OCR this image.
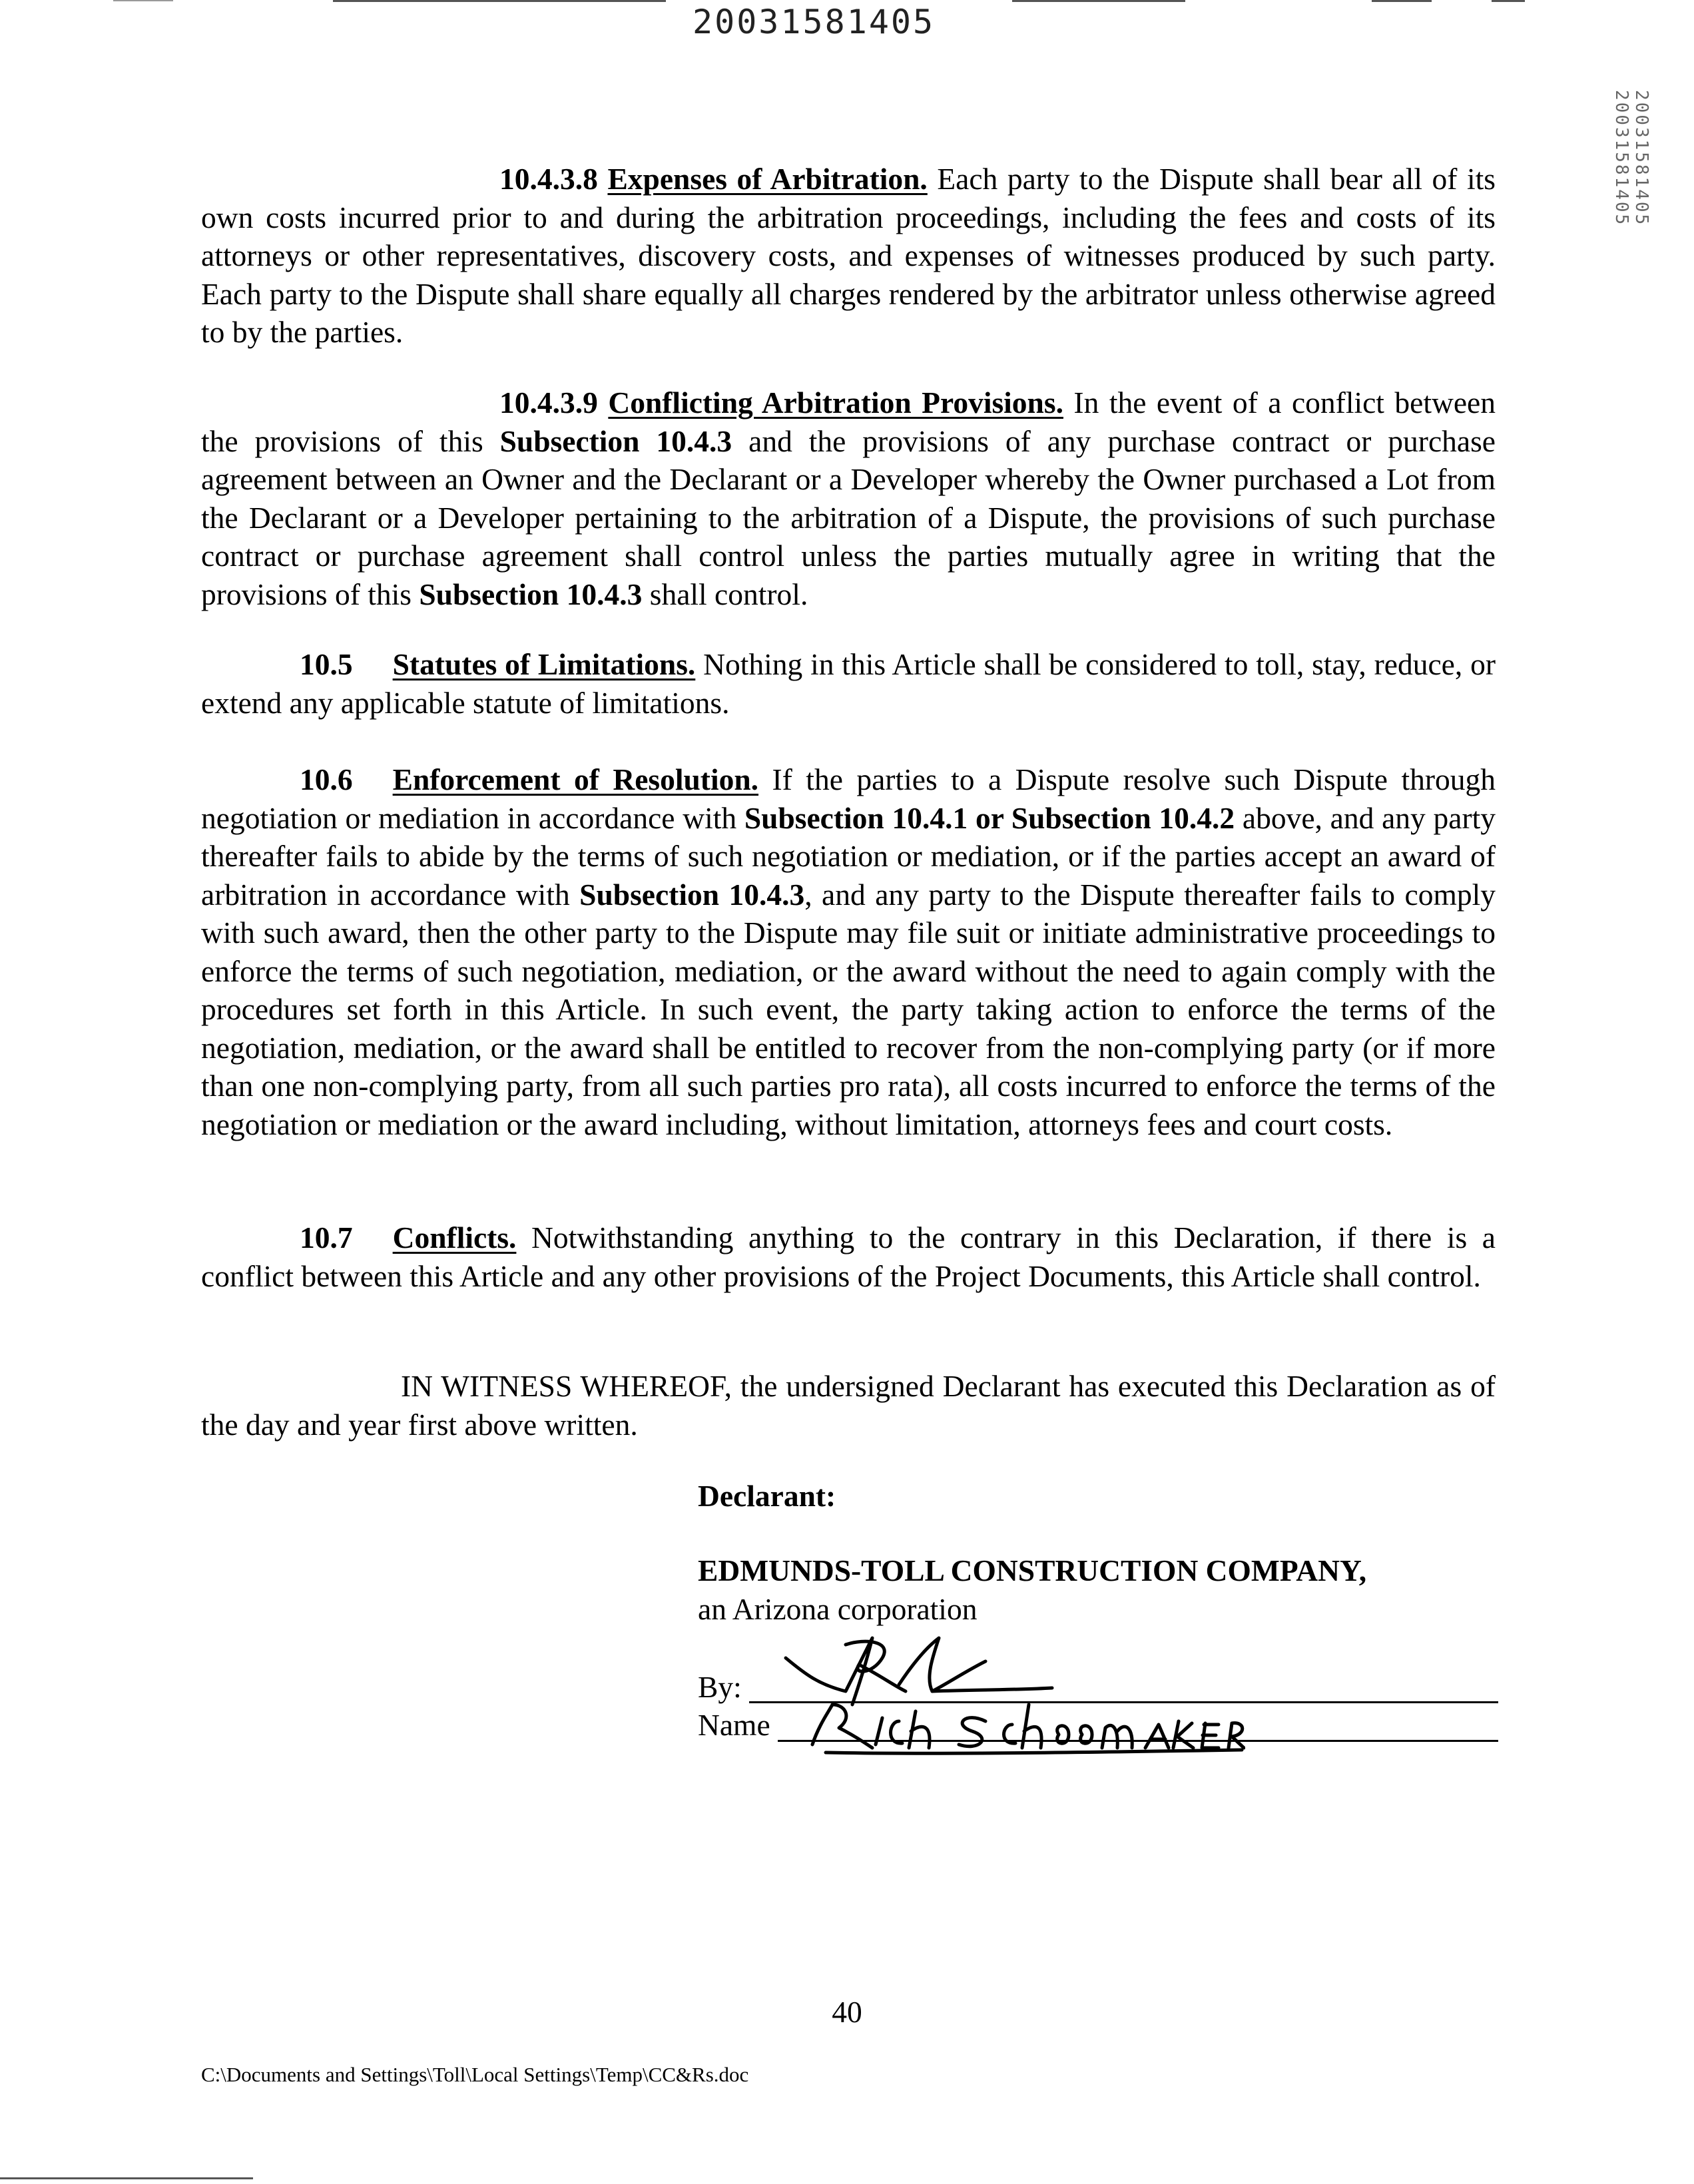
20031581405
20031581405
20031581405

10.4.3.8 Expenses of Arbitration. Each party to the Dispute shall bear all of its own costs incurred prior to and during the arbitration proceedings, including the fees and costs of its attorneys or other representatives, discovery costs, and expenses of witnesses produced by such party. Each party to the Dispute shall share equally all charges rendered by the arbitrator unless otherwise agreed to by the parties.

10.4.3.9 Conflicting Arbitration Provisions. In the event of a conflict between the provisions of this Subsection 10.4.3 and the provisions of any purchase contract or purchase agreement between an Owner and the Declarant or a Developer whereby the Owner purchased a Lot from the Declarant or a Developer pertaining to the arbitration of a Dispute, the provisions of such purchase contract or purchase agreement shall control unless the parties mutually agree in writing that the provisions of this Subsection 10.4.3 shall control.

10.5 Statutes of Limitations. Nothing in this Article shall be considered to toll, stay, reduce, or extend any applicable statute of limitations.

10.6 Enforcement of Resolution. If the parties to a Dispute resolve such Dispute through negotiation or mediation in accordance with Subsection 10.4.1 or Subsection 10.4.2 above, and any party thereafter fails to abide by the terms of such negotiation or mediation, or if the parties accept an award of arbitration in accordance with Subsection 10.4.3, and any party to the Dispute thereafter fails to comply with such award, then the other party to the Dispute may file suit or initiate administrative proceedings to enforce the terms of such negotiation, mediation, or the award without the need to again comply with the procedures set forth in this Article. In such event, the party taking action to enforce the terms of the negotiation, mediation, or the award shall be entitled to recover from the non-complying party (or if more than one non-complying party, from all such parties pro rata), all costs incurred to enforce the terms of the negotiation or mediation or the award including, without limitation, attorneys fees and court costs.

10.7 Conflicts. Notwithstanding anything to the contrary in this Declaration, if there is a conflict between this Article and any other provisions of the Project Documents, this Article shall control.

IN WITNESS WHEREOF, the undersigned Declarant has executed this Declaration as of the day and year first above written.

Declarant:
EDMUNDS-TOLL CONSTRUCTION COMPANY,
an Arizona corporation
By:
Name
40
C:\Documents and Settings\Toll\Local Settings\Temp\CC&Rs.doc
